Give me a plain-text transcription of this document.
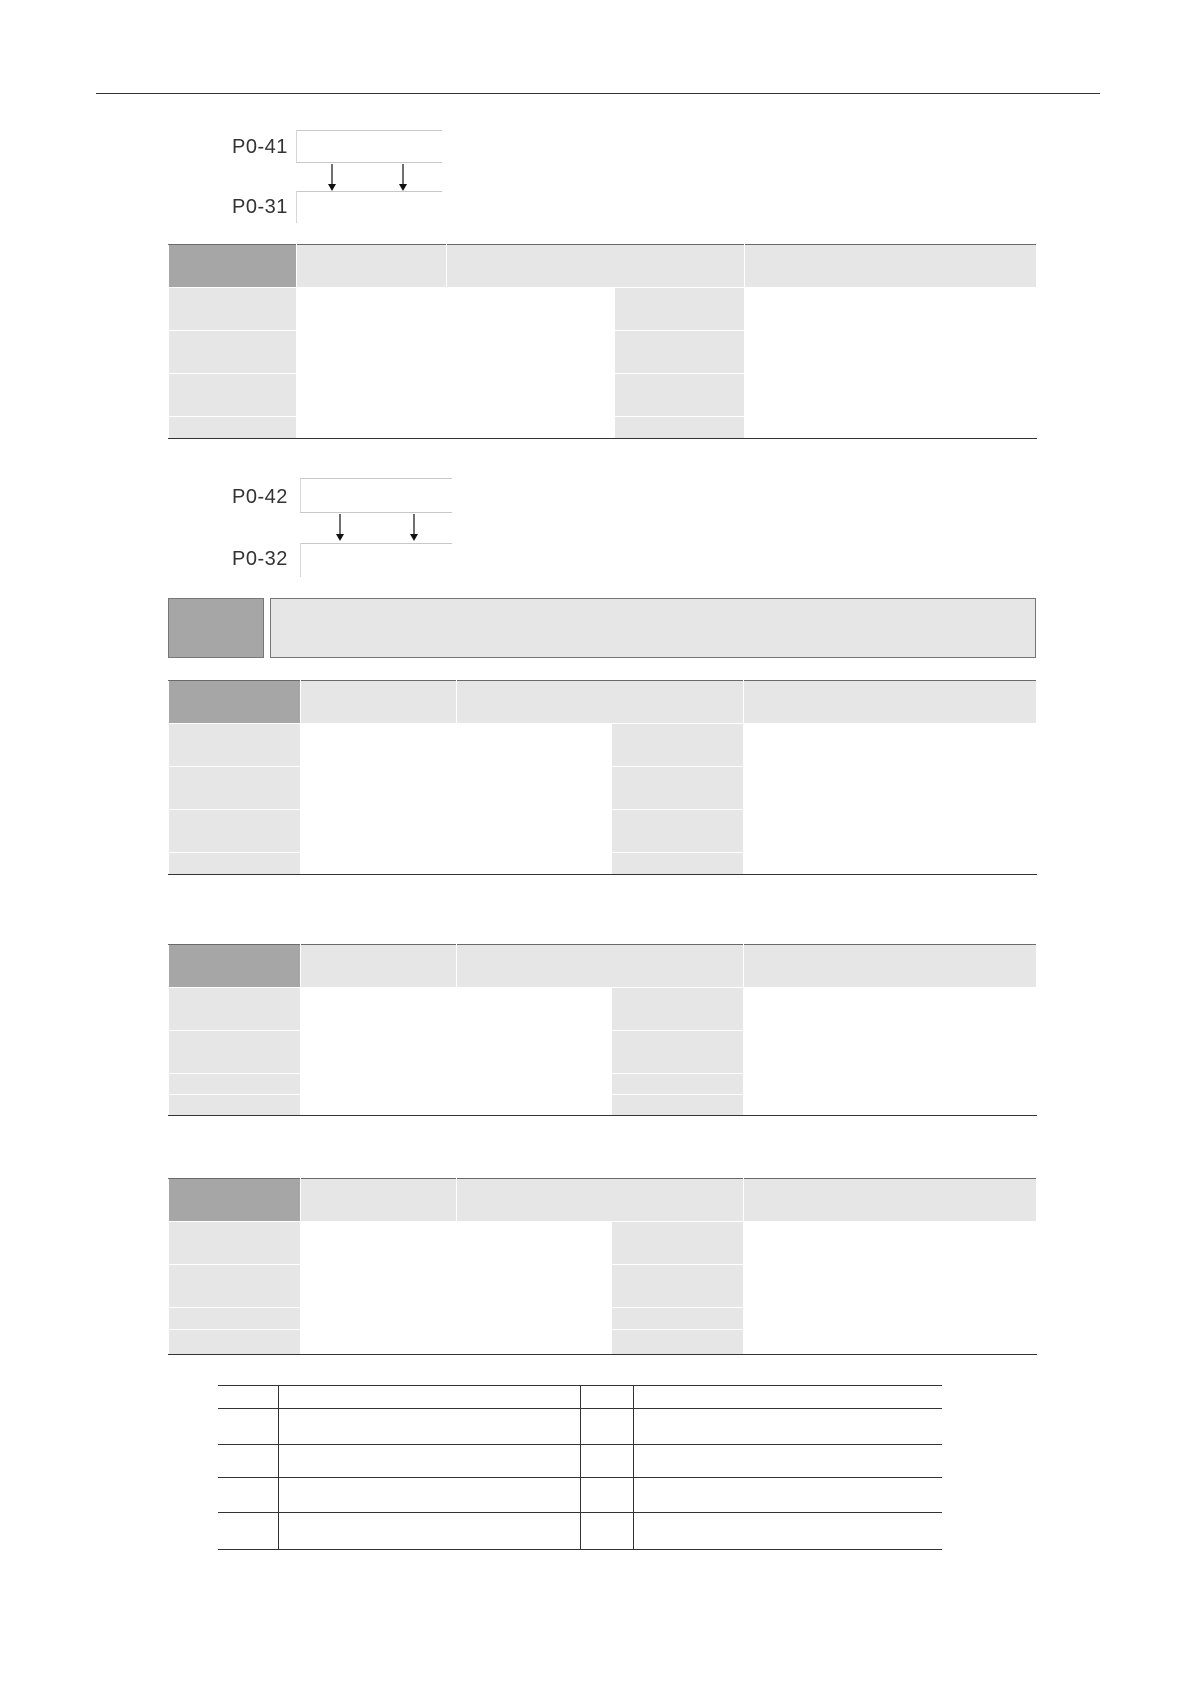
P0-41
P0-31

P0-42
P0-32
